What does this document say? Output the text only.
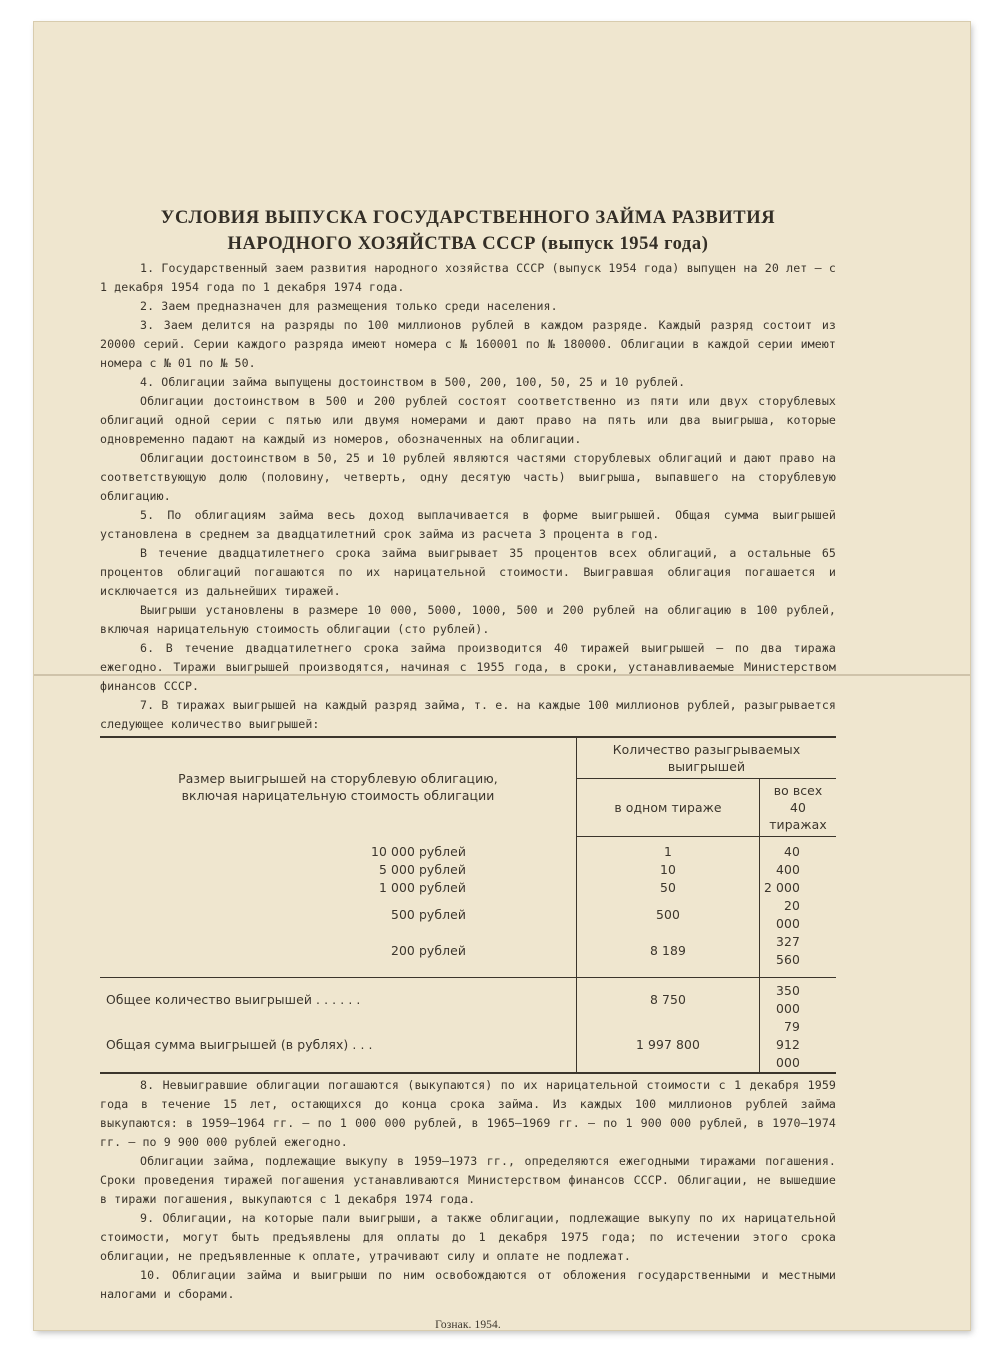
УСЛОВИЯ ВЫПУСКА ГОСУДАРСТВЕННОГО ЗАЙМА РАЗВИТИЯ
НАРОДНОГО ХОЗЯЙСТВА СССР (выпуск 1954 года)

1. Государственный заем развития народного хозяйства СССР (выпуск 1954 года) выпущен на 20 лет — с 1 декабря 1954 года по 1 декабря 1974 года.

2. Заем предназначен для размещения только среди населения.

3. Заем делится на разряды по 100 миллионов рублей в каждом разряде. Каждый разряд состоит из 20000 серий. Серии каждого разряда имеют номера с № 160001 по № 180000. Облигации в каждой серии имеют номера с № 01 по № 50.

4. Облигации займа выпущены достоинством в 500, 200, 100, 50, 25 и 10 рублей.

Облигации достоинством в 500 и 200 рублей состоят соответственно из пяти или двух сторублевых облигаций одной серии с пятью или двумя номерами и дают право на пять или два выигрыша, которые одновременно падают на каждый из номеров, обозначенных на облигации.

Облигации достоинством в 50, 25 и 10 рублей являются частями сторублевых облигаций и дают право на соответствующую долю (половину, четверть, одну десятую часть) выигрыша, выпавшего на сторублевую облигацию.

5. По облигациям займа весь доход выплачивается в форме выигрышей. Общая сумма выигрышей установлена в среднем за двадцатилетний срок займа из расчета 3 процента в год.

В течение двадцатилетнего срока займа выигрывает 35 процентов всех облигаций, а остальные 65 процентов облигаций погашаются по их нарицательной стоимости. Выигравшая облигация погашается и исключается из дальнейших тиражей.

Выигрыши установлены в размере 10 000, 5000, 1000, 500 и 200 рублей на облигацию в 100 рублей, включая нарицательную стоимость облигации (сто рублей).

6. В течение двадцатилетнего срока займа производится 40 тиражей выигрышей — по два тиража ежегодно. Тиражи выигрышей производятся, начиная с 1955 года, в сроки, устанавливаемые Министерством финансов СССР.

7. В тиражах выигрышей на каждый разряд займа, т. е. на каждые 100 миллионов рублей, разыгрывается следующее количество выигрышей:

Размер выигрышей на сторублевую облигацию,
включая нарицательную стоимость облигации	Количество разыгрываемых выигрышей	
	в одном тираже	во всех 40 тиражах
10 000 рублей	1	40
5 000 рублей	10	400
1 000 рублей	50	2 000
500 рублей	500	20 000
200 рублей	8 189	327 560
Общее количество выигрышей . . . . . .	8 750	350 000
Общая сумма выигрышей (в рублях) . . .	1 997 800	79 912 000

8. Невыигравшие облигации погашаются (выкупаются) по их нарицательной стоимости с 1 декабря 1959 года в течение 15 лет, остающихся до конца срока займа. Из каждых 100 миллионов рублей займа выкупаются: в 1959—1964 гг. — по 1 000 000 рублей, в 1965—1969 гг. — по 1 900 000 рублей, в 1970—1974 гг. — по 9 900 000 рублей ежегодно.

Облигации займа, подлежащие выкупу в 1959—1973 гг., определяются ежегодными тиражами погашения. Сроки проведения тиражей погашения устанавливаются Министерством финансов СССР. Облигации, не вышедшие в тиражи погашения, выкупаются с 1 декабря 1974 года.

9. Облигации, на которые пали выигрыши, а также облигации, подлежащие выкупу по их нарицательной стоимости, могут быть предъявлены для оплаты до 1 декабря 1975 года; по истечении этого срока облигации, не предъявленные к оплате, утрачивают силу и оплате не подлежат.

10. Облигации займа и выигрыши по ним освобождаются от обложения государственными и местными налогами и сборами.

Гознак. 1954.
